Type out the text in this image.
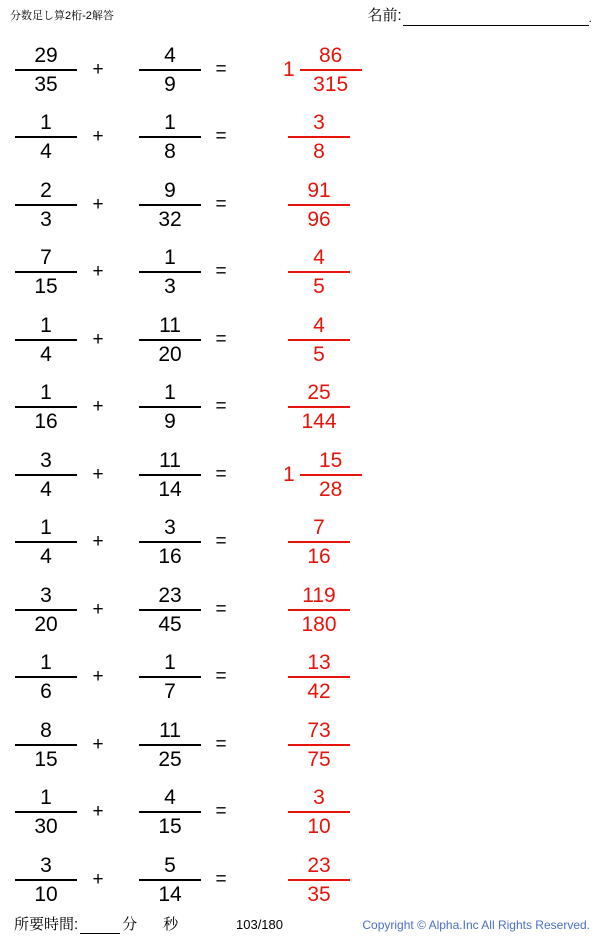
分数足し算2桁-2解答	名前:	.
$\frac{29}{35} + \frac{4}{9}$ =	$1 \frac{86}{315}$
$\frac{1}{4} + \frac{1}{8}$ =	$\frac{3}{8}$
$\frac{2}{3} + \frac{9}{32}$ =	$\frac{91}{96}$
$\frac{7}{15} + \frac{1}{3}$ =	$\frac{4}{5}$
$\frac{1}{4} + \frac{11}{20}$ =	$\frac{4}{5}$
$\frac{1}{16} + \frac{1}{9}$ =	$\frac{25}{144}$
$\frac{3}{4} + \frac{11}{14}$ =	$1 \frac{15}{28}$
$\frac{1}{4} + \frac{3}{16}$ =	$\frac{7}{16}$
$\frac{3}{20} + \frac{23}{45}$ =	$\frac{119}{180}$
$\frac{1}{6} + \frac{1}{7}$ =	$\frac{13}{42}$
$\frac{8}{15} + \frac{11}{25}$ =	$\frac{73}{75}$
$\frac{1}{30} + \frac{4}{15}$ =	$\frac{3}{10}$
$\frac{3}{10} + \frac{5}{14}$ =	$\frac{23}{35}$
所要時間:	分 秒	103/180	Copyright © Alpha.Inc All Rights Reserved.
